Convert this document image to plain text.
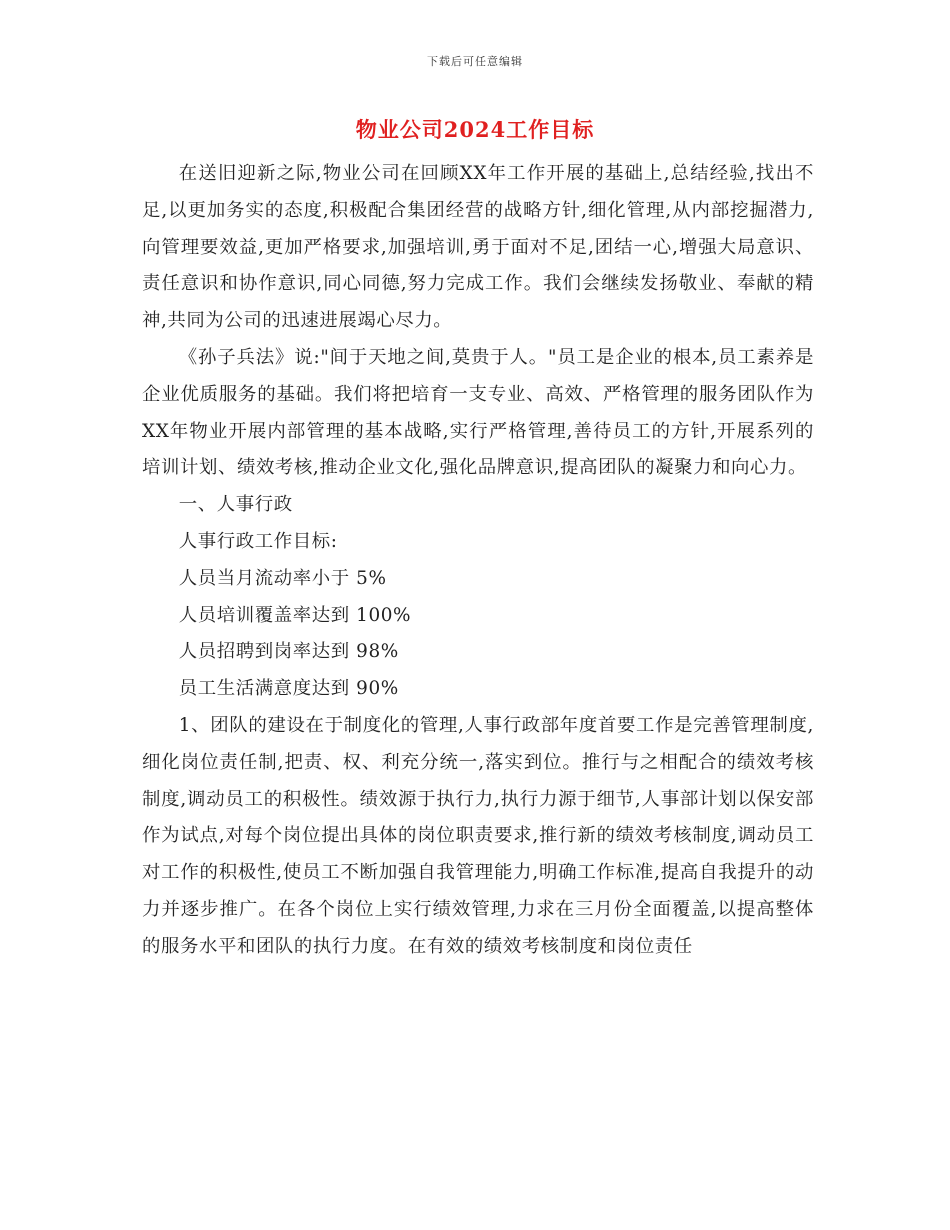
下载后可任意编辑
物业公司2024工作目标

在送旧迎新之际,物业公司在回顾XX年工作开展的基础上,总结经验,找出不足,以更加务实的态度,积极配合集团经营的战略方针,细化管理,从内部挖掘潜力,向管理要效益,更加严格要求,加强培训,勇于面对不足,团结一心,增强大局意识、责任意识和协作意识,同心同德,努力完成工作。我们会继续发扬敬业、奉献的精神,共同为公司的迅速进展竭心尽力。

《孙子兵法》说:"间于天地之间,莫贵于人。"员工是企业的根本,员工素养是企业优质服务的基础。我们将把培育一支专业、高效、严格管理的服务团队作为XX年物业开展内部管理的基本战略,实行严格管理,善待员工的方针,开展系列的培训计划、绩效考核,推动企业文化,强化品牌意识,提高团队的凝聚力和向心力。

一、人事行政

人事行政工作目标:

人员当月流动率小于 5%

人员培训覆盖率达到 100%

人员招聘到岗率达到 98%

员工生活满意度达到 90%

1、团队的建设在于制度化的管理,人事行政部年度首要工作是完善管理制度,细化岗位责任制,把责、权、利充分统一,落实到位。推行与之相配合的绩效考核制度,调动员工的积极性。绩效源于执行力,执行力源于细节,人事部计划以保安部作为试点,对每个岗位提出具体的岗位职责要求,推行新的绩效考核制度,调动员工对工作的积极性,使员工不断加强自我管理能力,明确工作标准,提高自我提升的动力并逐步推广。在各个岗位上实行绩效管理,力求在三月份全面覆盖,以提高整体的服务水平和团队的执行力度。在有效的绩效考核制度和岗位责任
